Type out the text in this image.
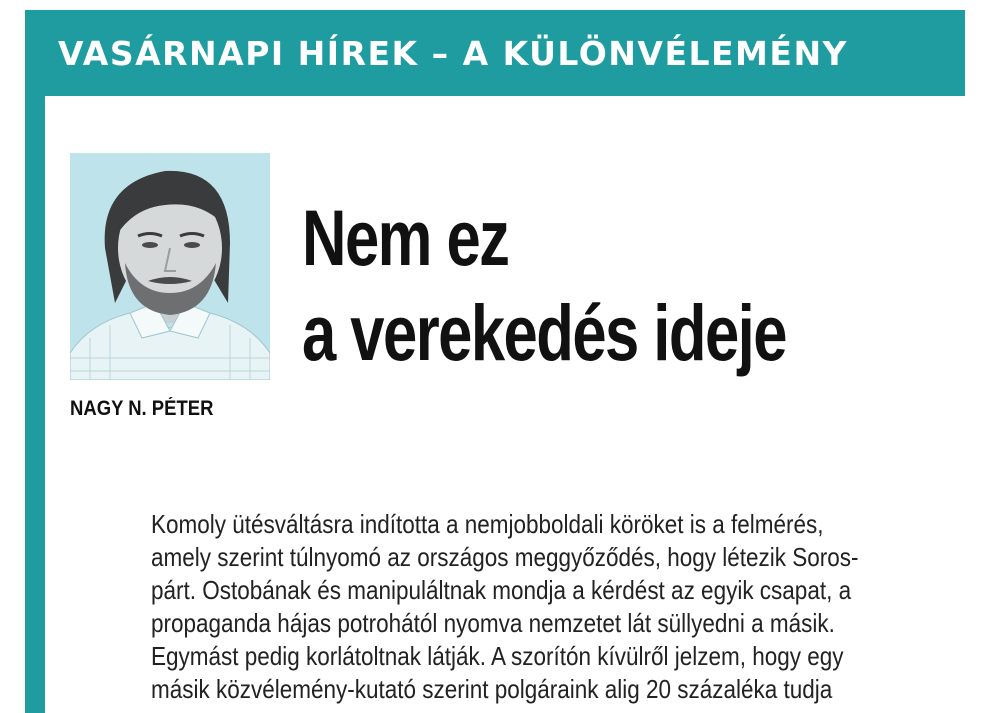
VASÁRNAPI HÍREK – A KÜLÖNVÉLEMÉNY
NAGY N. PÉTER
Nem ez
a verekedés ideje
Komoly ütésváltásra indította a nemjobboldali köröket is a felmérés,
amely szerint túlnyomó az országos meggyőződés, hogy létezik Soros-
párt. Ostobának és manipuláltnak mondja a kérdést az egyik csapat, a
propaganda hájas potrohától nyomva nemzetet lát süllyedni a másik.
Egymást pedig korlátoltnak látják. A szorítón kívülről jelzem, hogy egy
másik közvélemény-kutató szerint polgáraink alig 20 százaléka tudja
